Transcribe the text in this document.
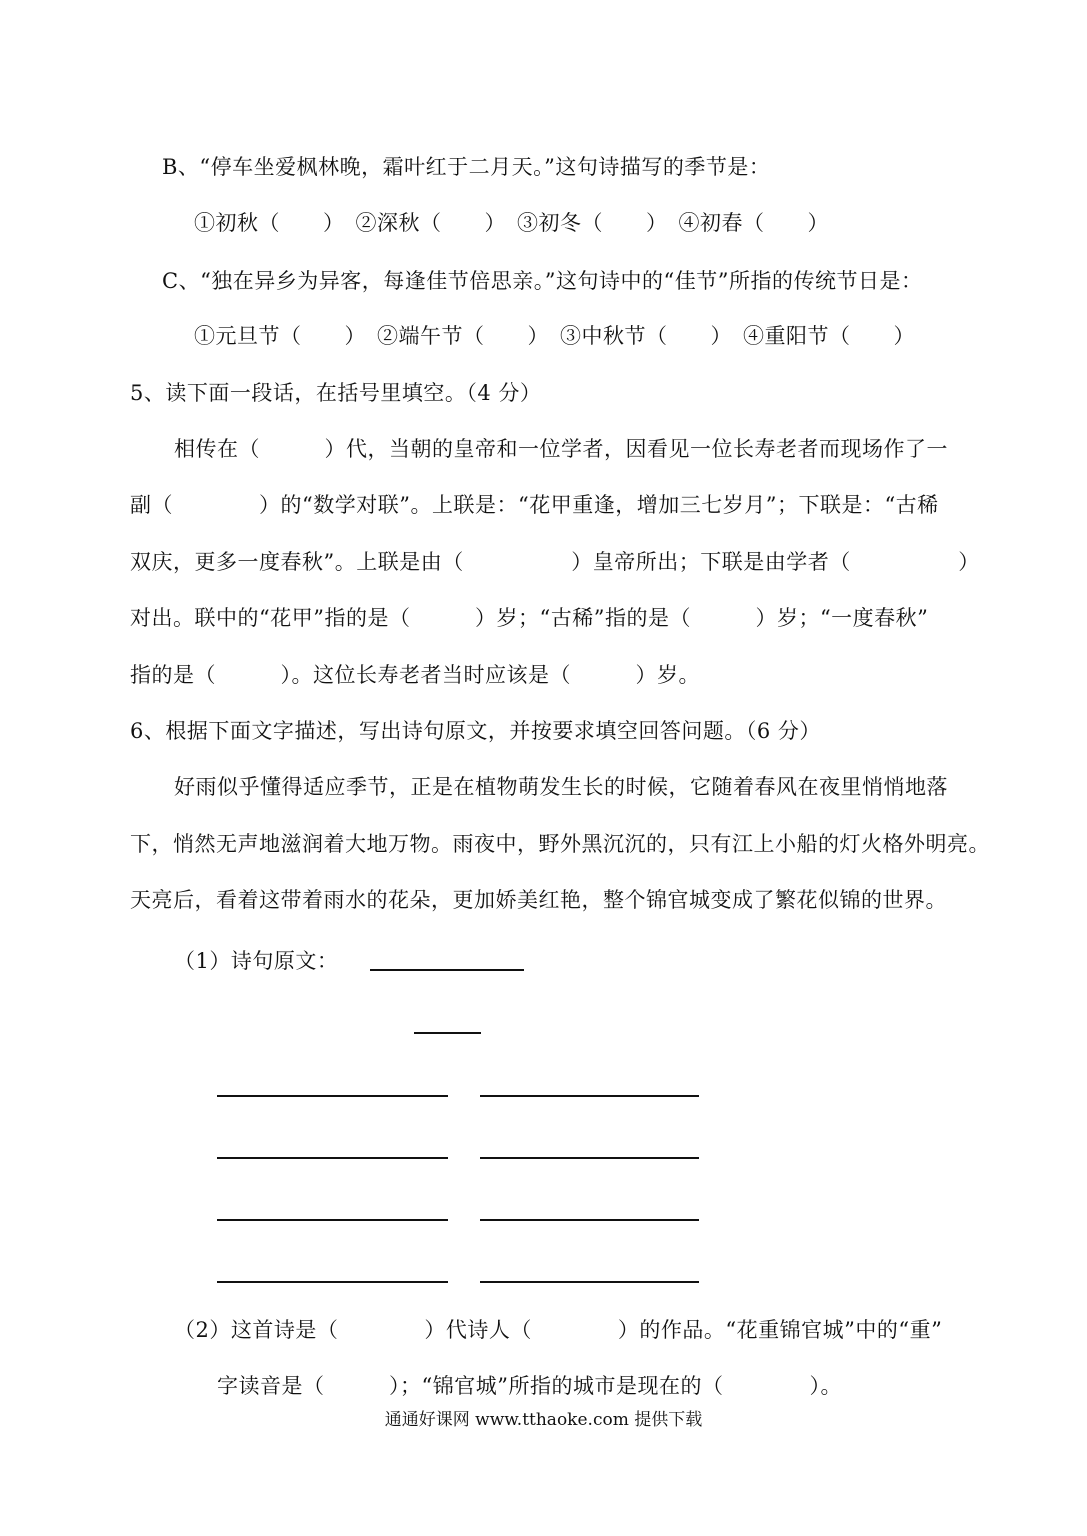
B、“停车坐爱枫林晚，霜叶红于二月天。”这句诗描写的季节是：

①初秋（　　）　②深秋（　　）　③初冬（　　）　④初春（　　）

C、“独在异乡为异客，每逢佳节倍思亲。”这句诗中的“佳节”所指的传统节日是：

①元旦节（　　）　②端午节（　　）　③中秋节（　　）　④重阳节（　　）

5、读下面一段话，在括号里填空。（4 分）

相传在（　　　）代，当朝的皇帝和一位学者，因看见一位长寿老者而现场作了一

副（　　　　）的“数学对联”。上联是：“花甲重逢，增加三七岁月”；下联是：“古稀

双庆，更多一度春秋”。上联是由（　　　　　）皇帝所出；下联是由学者（　　　　　）

对出。联中的“花甲”指的是（　　　）岁；“古稀”指的是（　　　）岁；“一度春秋”

指的是（　　　）。这位长寿老者当时应该是（　　　）岁。

6、根据下面文字描述，写出诗句原文，并按要求填空回答问题。（6 分）

好雨似乎懂得适应季节，正是在植物萌发生长的时候，它随着春风在夜里悄悄地落

下，悄然无声地滋润着大地万物。雨夜中，野外黑沉沉的，只有江上小船的灯火格外明亮。

天亮后，看着这带着雨水的花朵，更加娇美红艳，整个锦官城变成了繁花似锦的世界。

（1）诗句原文：

（2）这首诗是（　　　　）代诗人（　　　　）的作品。“花重锦官城”中的“重”

字读音是（　　　）；“锦官城”所指的城市是现在的（　　　　）。

通通好课网 www.tthaoke.com 提供下载
